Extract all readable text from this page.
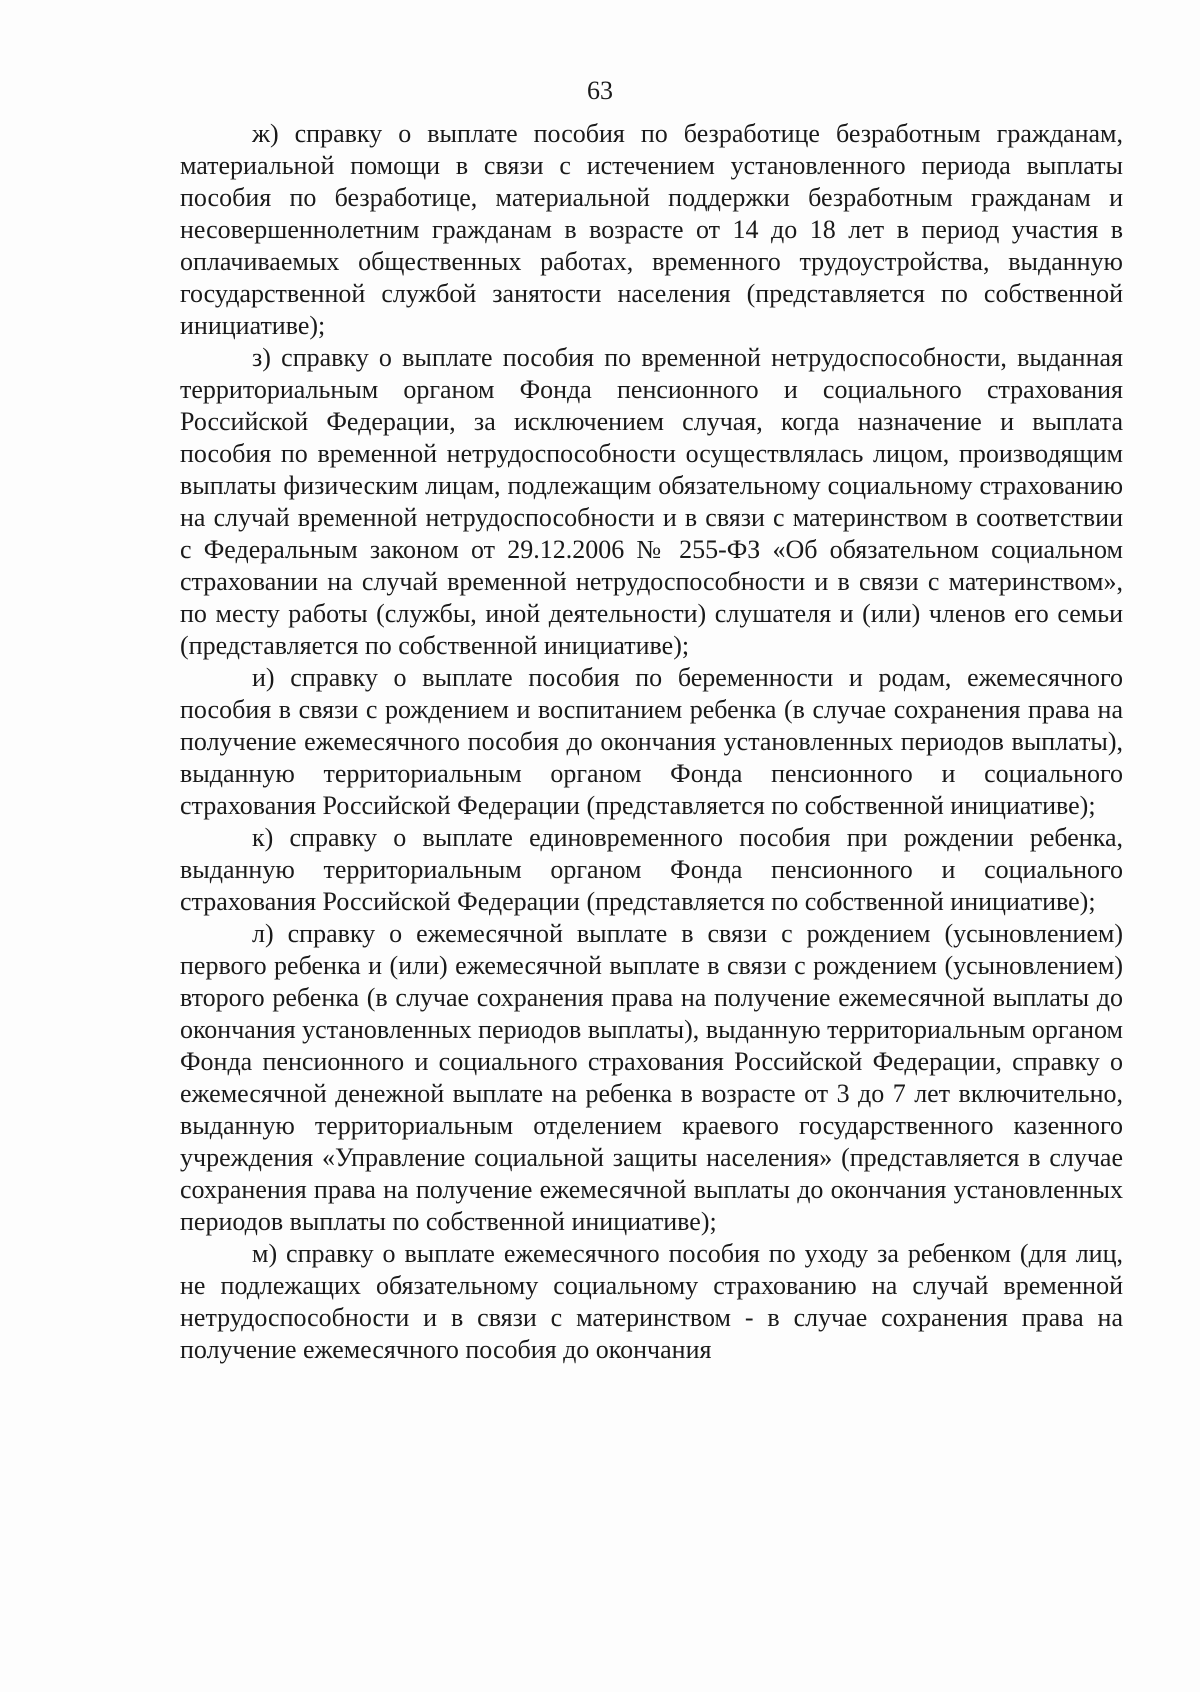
63

ж) справку о выплате пособия по безработице безработным гражданам, материальной помощи в связи с истечением установленного периода выплаты пособия по безработице, материальной поддержки безработным гражданам и несовершеннолетним гражданам в возрасте от 14 до 18 лет в период участия в оплачиваемых общественных работах, временного трудоустройства, выданную государственной службой занятости населения (представляется по собственной инициативе);

з) справку о выплате пособия по временной нетрудоспособности, выданная территориальным органом Фонда пенсионного и социального страхования Российской Федерации, за исключением случая, когда назначение и выплата пособия по временной нетрудоспособности осуществлялась лицом, производящим выплаты физическим лицам, подлежащим обязательному социальному страхованию на случай временной нетрудоспособности и в связи с материнством в соответствии с Федеральным законом от 29.12.2006 № 255-ФЗ «Об обязательном социальном страховании на случай временной нетрудоспособности и в связи с материнством», по месту работы (службы, иной деятельности) слушателя и (или) членов его семьи (представляется по собственной инициативе);

и) справку о выплате пособия по беременности и родам, ежемесячного пособия в связи с рождением и воспитанием ребенка (в случае сохранения права на получение ежемесячного пособия до окончания установленных периодов выплаты), выданную территориальным органом Фонда пенсионного и социального страхования Российской Федерации (представляется по собственной инициативе);

к) справку о выплате единовременного пособия при рождении ребенка, выданную территориальным органом Фонда пенсионного и социального страхования Российской Федерации (представляется по собственной инициативе);

л) справку о ежемесячной выплате в связи с рождением (усыновлением) первого ребенка и (или) ежемесячной выплате в связи с рождением (усыновлением) второго ребенка (в случае сохранения права на получение ежемесячной выплаты до окончания установленных периодов выплаты), выданную территориальным органом Фонда пенсионного и социального страхования Российской Федерации, справку о ежемесячной денежной выплате на ребенка в возрасте от 3 до 7 лет включительно, выданную территориальным отделением краевого государственного казенного учреждения «Управление социальной защиты населения» (представляется в случае сохранения права на получение ежемесячной выплаты до окончания установленных периодов выплаты по собственной инициативе);

м) справку о выплате ежемесячного пособия по уходу за ребенком (для лиц, не подлежащих обязательному социальному страхованию на случай временной нетрудоспособности и в связи с материнством - в случае сохранения права на получение ежемесячного пособия до окончания
